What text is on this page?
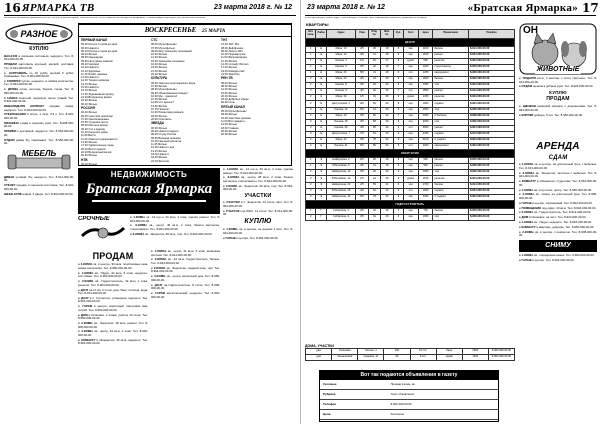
16 ЯРМАРКА ТВ	23 марта 2018 г. № 12
Бесплатные объявления принимаются по тел. 416-000 (в рабочее время), SMS на 8-964-357-64-00 и факсом (без выходных и праздников). Условия продаж отсутствуют. Для частных лиц бесплатно.
РАЗНОЕ
КУПЛЮ

ВАЗ-2106 в хорошем состоянии, недорого. Тел. 8-914-000-00-00.

ПРОДАМ картофель крупный, мелкий, доставка. Тел. 8-924-000-00-00.

● КАРТОФЕЛЬ по 10 руб/кг, мелкий 5 руб/кг. Самовывоз. Тел. 8-904-000-00-00.

● СОЛЯРКУ куплю, недорого, в любом количестве. Тел. 8-964-000-00-00.

● ДРОВА сухие, колотые, береза, сосна. Тел. 8-950-000-00-00.

● НАВОЗ перегной, чернозем, песок, гравий. Тел. 8-902-000-00-00.

ИНВАЛИДНУЮ КОЛЯСКУ продам, новая, недорого. Тел. 8-914-000-00-00.

СТЕКЛОБАНКИ 3 литра, 1 литр, 0,5 л. Тел. 8-924-000-00-00.

ПИАНИНО отдам в хорошие руки. Тел. 8-908-000-00-00.

ОПИЛКИ с доставкой, недорого. Тел. 8-964-000-00-00.

ОТДАМ диван б/у, самовывоз. Тел. 8-950-000-00-00.

МЕБЕЛЬ

ДИВАН угловой, б/у, недорого. Тел. 8-914-000-00-00.

СТЕНКУ продам, в хорошем состоянии. Тел. 8-924-000-00-00.

ШКАФ-КУПЕ новый, 3 двери. Тел. 8-964-000-00-00.

ВОСКРЕСЕНЬЕ 25 МАРТА
ПЕРВЫЙ КАНАЛ
05.30 Россия от края до края
06.00 Новости
06.10 Россия от края до края
06.40 Фильм
08.35 Смешарики
09.00 Непутевые заметки
09.20 Часовой
10.00 Новости
10.10 Здоровье
11.10 Играй, гармонь
12.00 Новости
12.15 Теория заговора
13.15 Фильм
15.00 Новости
15.15 Фильм
17.30 Ледниковый период
21.00 Воскресное время
22.30 Фильм
00.40 Фильм
РОССИЯ
04.40 Фильм
06.35 Сам себе режиссер
07.20 Смехопанорама
07.50 Утренняя почта
08.30 Местное время
09.20 Сто к одному
10.10 Когда все дома
11.00 Вести
11.20 Смеяться разрешается
13.50 Фильм
17.30 Удивительные люди
20.00 Вести недели
22.00 Воскресный вечер
00.30 Фильм
НТВ
05.00 Фильм
СТС
06.00 Мультфильмы
07.35 Мультфильм
09.00 Шоу Уральских пельменей
10.20 Фильм
12.30 Фильм
15.00 Уральские пельмени
16.40 Фильм
19.00 Фильм
21.00 Фильм
23.20 Фильм
КУЛЬТУРА
06.30 Святыни христианского мира
07.05 Фильм
08.25 Мультфильмы
09.25 Обыкновенный концерт
10.00 Мы - грамотеи!
10.45 Фильм
12.55 Что делать?
13.40 Фильм
15.15 Пешком...
16.30 Романтика романса
18.00 Фильм
20.00 Спектакль
ЗВЕЗДА
06.00 Фильм
09.00 Новости недели
09.25 Служу России
09.55 Военная приемка
10.45 Научный детектив
11.35 Фильм
13.00 Новости дня
13.15 Фильм
18.00 Новости
18.45 Фильм
22.00 Фетисов
ТНТ
07.00 ТНТ. Mix
08.00 Деффчонки
09.00 Агенты 003
10.00 Перезагрузка
11.00 Импровизация
12.00 Фильм
14.00 Comedy Woman
17.00 Фильм
19.00 Комеди клаб
21.00 Stand Up
РЕН ТВ
05.00 Фильм
08.30 Фильм
12.00 Фильм
16.00 Фильм
20.00 Фильм
23.00 Добров в эфире
00.00 Соль
ПЯТЫЙ КАНАЛ
05.00 Мультфильмы
08.00 Фильм
10.00 Светская хроника
11.00 Вся правда о...
12.00 Фильм
18.00 Главное
20.00 Фильм
00.00 Фильм
НЕДВИЖИМОСТЬ
Братская Ярмарка
СРОЧНЫЕ	● 1-КОМН. кв., 12 м.р-н, 33 кв.м, 4 этаж, сделан ремонт. Тел. 8-914-000-00-00.

● 2-КОМН. кв., центр, 45 кв.м, 2 этаж, балкон застеклен, стеклопакеты. Тел. 8-924-000-00-00.

● 3-КОМН. кв., Энергетик, 60 кв.м, торг. Тел. 8-964-000-00-00.

ПРОДАМ

● 1-КОМН. кв. в центре, 30 кв.м, пластиковые окна, новая сантехника. Тел. 8-950-000-00-00.

● 1-КОМН. кв., Падун, 32 кв.м, 5 этаж, недорого, или обмен. Тел. 8-902-000-00-00.

● 2-КОМН. кв., Гидростроитель, 42 кв.м, 1 этаж, решетки. Тел. 8-904-000-00-00.

● ДАЧУ на 17 км, 6 соток, дом, баня, теплица, вода. Тел. 8-914-000-00-00.

● ДАЧУ в п. Строитель, ухоженная, недорого. Тел. 8-924-000-00-00.

● ГАРАЖ в центре, кирпичный, смотровая яма, погреб. Тел. 8-964-000-00-00.

● ДОМ в Осиновке, 2 этажа, участок 10 соток. Тел. 8-950-000-00-00.

● 2-КОМН. кв., Энергетик, 48 кв.м, ремонт. Тел. 8-908-000-00-00.

● 3-КОМН. кв., центр, 64 кв.м, 3 этаж. Тел. 8-902-000-00-00.

● КОМНАТУ в общежитии, 18 кв.м, недорого. Тел. 8-904-000-00-00.

● 1-КОМН. кв., центр, 31 кв.м, 5 этаж, возможна ипотека. Тел. 8-914-000-00-00.

● 2-КОМН. кв., 42 кв.м, Гидростроитель, балкон. Тел. 8-924-000-00-00.

● 2-КОМН. кв., Энергетик, средний этаж, торг. Тел. 8-964-000-00-00.

● 3-КОМН. кв., центр, кирпичный дом. Тел. 8-950-000-00-00.

● ДАЧУ на Гидростроителе, 8 соток. Тел. 8-908-000-00-00.

● ГАРАЖ металлический, недорого. Тел. 8-902-000-00-00.

● 1-КОМН. кв., 12 м.р-н, 33 кв.м, 4 этаж, сделан ремонт. Тел. 8-914-000-00-00.

● 2-КОМН. кв., центр, 45 кв.м, 2 этаж, балкон застеклен, стеклопакеты. Тел. 8-924-000-00-00.

● 3-КОМН. кв., Энергетик, 60 кв.м, торг. Тел. 8-964-000-00-00.

УЧАСТКИ

● УЧАСТОК в п. Энергетик, 10 соток, свет. Тел. 8-904-000-00-00.

● УЧАСТОК под ИЖС, 12 соток. Тел. 8-914-000-00-00.

КУПЛЮ

● 1-КОМН. кв. в центре, не дороже 1 млн. Тел. 8-924-000-00-00.

● ГАРАЖ в центре. Тел. 8-964-000-00-00.

23 марта 2018 г. № 12	«Братская Ярмарка» 17
В таблицах указаны: район, адрес, этаж, площадь, состояние, цена. Информацию уточняйте у продавцов по телефону.
КВАРТИРЫ
Кол. комн.	Район	Адрес	Этаж	Общ. пл.	Жил. пл.	Кух.	Сост.	Цена	Примечание	Телефон
ЦЕНТР										
1	Ц	Мира, 10	2/5	30	18	6	хор.	1100	балкон	8-914-000-00-00
1	Ц	Мира, 12	4/5	31	18	6	хор.	1150	ремонт	8-924-000-00-00
1	Ц	Ленина, 3	1/5	30	17	6	удовл.	950	решетки	8-964-000-00-00
1	Ц	Кирова, 5	3/5	32	18	7	хор.	1200	стеклопакеты	8-950-000-00-00
1	Ц	Мира, 20	5/5	31	18	6	отл.	1250	евроремонт	8-908-000-00-00
2	Ц	Мира, 14	2/5	44	29	6	хор.	1600	балкон	8-902-000-00-00
2	Ц	Кирова, 8	3/5	45	30	6	хор.	1650	торг	8-904-000-00-00
2	Ц	Ленина, 9	4/5	46	30	7	отл.	1800	ремонт	8-914-000-00-00
2	Ц	Мира, 30	1/5	43	28	6	удовл.	1450	решетки	8-924-000-00-00
2	Ц	Депутатская, 4	2/9	50	30	9	хор.	1900	лоджия	8-964-000-00-00
2	Ц	Кирова, 12	5/5	44	29	6	хор.	1550	торг	8-950-000-00-00
3	Ц	Мира, 40	3/5	60	42	7	хор.	2300	2 балкона	8-908-000-00-00
3	Ц	Ленина, 15	2/5	58	40	6	хор.	2200	торг	8-902-000-00-00
3	Ц	Кирова, 20	4/9	65	44	9	отл.	2600	ремонт	8-904-000-00-00
3	Ц	Депутатская, 7	7/9	64	43	9	хор.	2450	лоджия	8-914-000-00-00
4	Ц	Мира, 44	3/9	78	52	9	хор.	3100	2 лоджии	8-924-000-00-00
4	Ц	Ленина, 21	5/9	80	54	9	отл.	3300	евроремонт	8-964-000-00-00
ЭНЕРГЕТИК										
1	Э	Наймушина, 2	2/5	30	18	6	хор.	900	балкон	8-950-000-00-00
1	Э	Юбилейная, 5	4/5	31	18	6	хор.	950	ремонт	8-908-000-00-00
2	Э	Наймушина, 10	3/5	45	30	6	хор.	1300	торг	8-902-000-00-00
2	Э	Юбилейная, 12	1/5	44	29	6	удовл.	1150	решетки	8-904-000-00-00
3	Э	Наймушина, 20	2/5	59	41	6	хор.	1700	балкон	8-914-000-00-00
3	Э	Юбилейная, 18	4/9	64	43	9	отл.	1900	лоджия	8-924-000-00-00
4	Э	Наймушина, 30	5/9	78	52	9	хор.	2300	2 лоджии	8-964-000-00-00
ГИДРОСТРОИТЕЛЬ										
1	Г	Сибирская, 3	2/5	30	18	6	хор.	750	балкон	8-950-000-00-00
2	Г	Сибирская, 9	3/5	44	29	6	хор.	1050	торг	8-908-000-00-00
ДОМА, УЧАСТКИ
дом	Осиновка	Лесная, 4	100	10 сот.	баня	2500	8-902-000-00-00
дом	Чекановский	Садовая, 11	60	8 сот.	гараж	1400	8-904-000-00-00
Вот так подаются объявления в газету
Срочные	Продам 1-комн. кв.
Рубрика	Текст объявления
Телефон	8-000-000-00-00
Цена	бесплатно
ОН
ЖИВОТНЫЕ

● ПОДАРЮ котят, 2 месяца, к лотку приучены. Тел. 8-914-000-00-00.

● ОТДАМ щенков в добрые руки. Тел. 8-924-000-00-00.

КУПЛЮ
ПРОДАМ

● ЩЕНКОВ немецкой овчарки, с документами. Тел. 8-964-000-00-00.

● КОРОВУ дойную, 5 лет. Тел. 8-950-000-00-00.

АРЕНДА
СДАМ

● 1-КОМН. кв. в центре, на длительный срок, с мебелью. Тел. 8-914-000-00-00.

● 2-КОМН. кв., Энергетик, частично с мебелью. Тел. 8-924-000-00-00.

● КОМНАТУ в общежитии, студентам. Тел. 8-964-000-00-00.

● 1-КОМН. кв. посуточно, центр. Тел. 8-950-000-00-00.

● 3-КОМН. кв., семье, на длительный срок. Тел. 8-908-000-00-00.

● ГАРАЖ в центре, охраняемый. Тел. 8-902-000-00-00.

● ПОМЕЩЕНИЕ под офис, 40 кв.м. Тел. 8-904-000-00-00.

● 2-КОМН. кв., Гидростроитель. Тел. 8-914-000-00-00.

● ДОМ в Осиновке, на лето. Тел. 8-924-000-00-00.

● 1-КОМН. кв., Падун, недорого. Тел. 8-964-000-00-00.

● КОМНАТУ в квартире, девушке. Тел. 8-950-000-00-00.

● 2-КОМН. кв. в центре, с ремонтом. Тел. 8-908-000-00-00.

СНИМУ

● 1-КОМН. кв., порядочная семья. Тел. 8-902-000-00-00.

● ГАРАЖ в центре. Тел. 8-904-000-00-00.
